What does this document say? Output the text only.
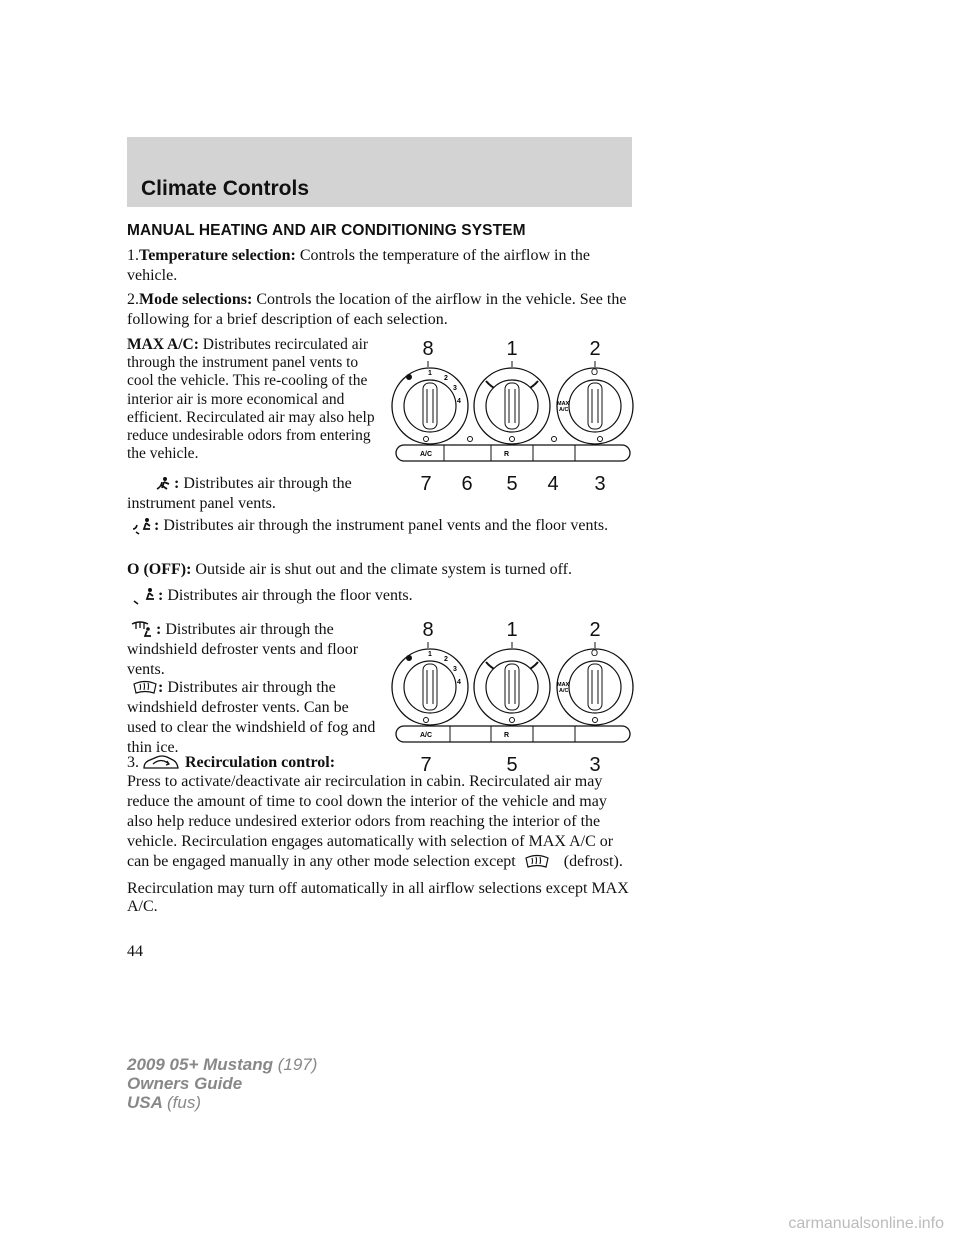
Climate Controls
MANUAL HEATING AND AIR CONDITIONING SYSTEM

1.Temperature selection: Controls the temperature of the airflow in the vehicle.

2.Mode selections: Controls the location of the airflow in the vehicle. See the following for a brief description of each selection.

MAX A/C: Distributes recirculated air through the instrument panel vents to cool the vehicle. This re-cooling of the interior air is more economical and efficient. Recirculated air may also help reduce undesirable odors from entering the vehicle.

: Distributes air through the instrument panel vents.

: Distributes air through the instrument panel vents and the floor vents.

O (OFF): Outside air is shut out and the climate system is turned off.

: Distributes air through the floor vents.

: Distributes air through the windshield defroster vents and floor vents.

: Distributes air through the windshield defroster vents. Can be used to clear the windshield of fog and thin ice.

3.	Recirculation control:

Press to activate/deactivate air recirculation in cabin. Recirculated air may reduce the amount of time to cool down the interior of the vehicle and may also help reduce undesired exterior odors from reaching the interior of the vehicle. Recirculation engages automatically with selection of MAX A/C or can be engaged manually in any other mode selection except	(defrost).

Recirculation may turn off automatically in all airflow selections except MAX A/C.

8	1	2
1
2
3
4
O
MAX
A/C
A/C	R
7 6 5 4 3
8	1	2
1
2
3
4
O
MAX
A/C
A/C	R
7	5	3

44

2009 05+ Mustang (197)
Owners Guide
USA (fus)

carmanualsonline.info
